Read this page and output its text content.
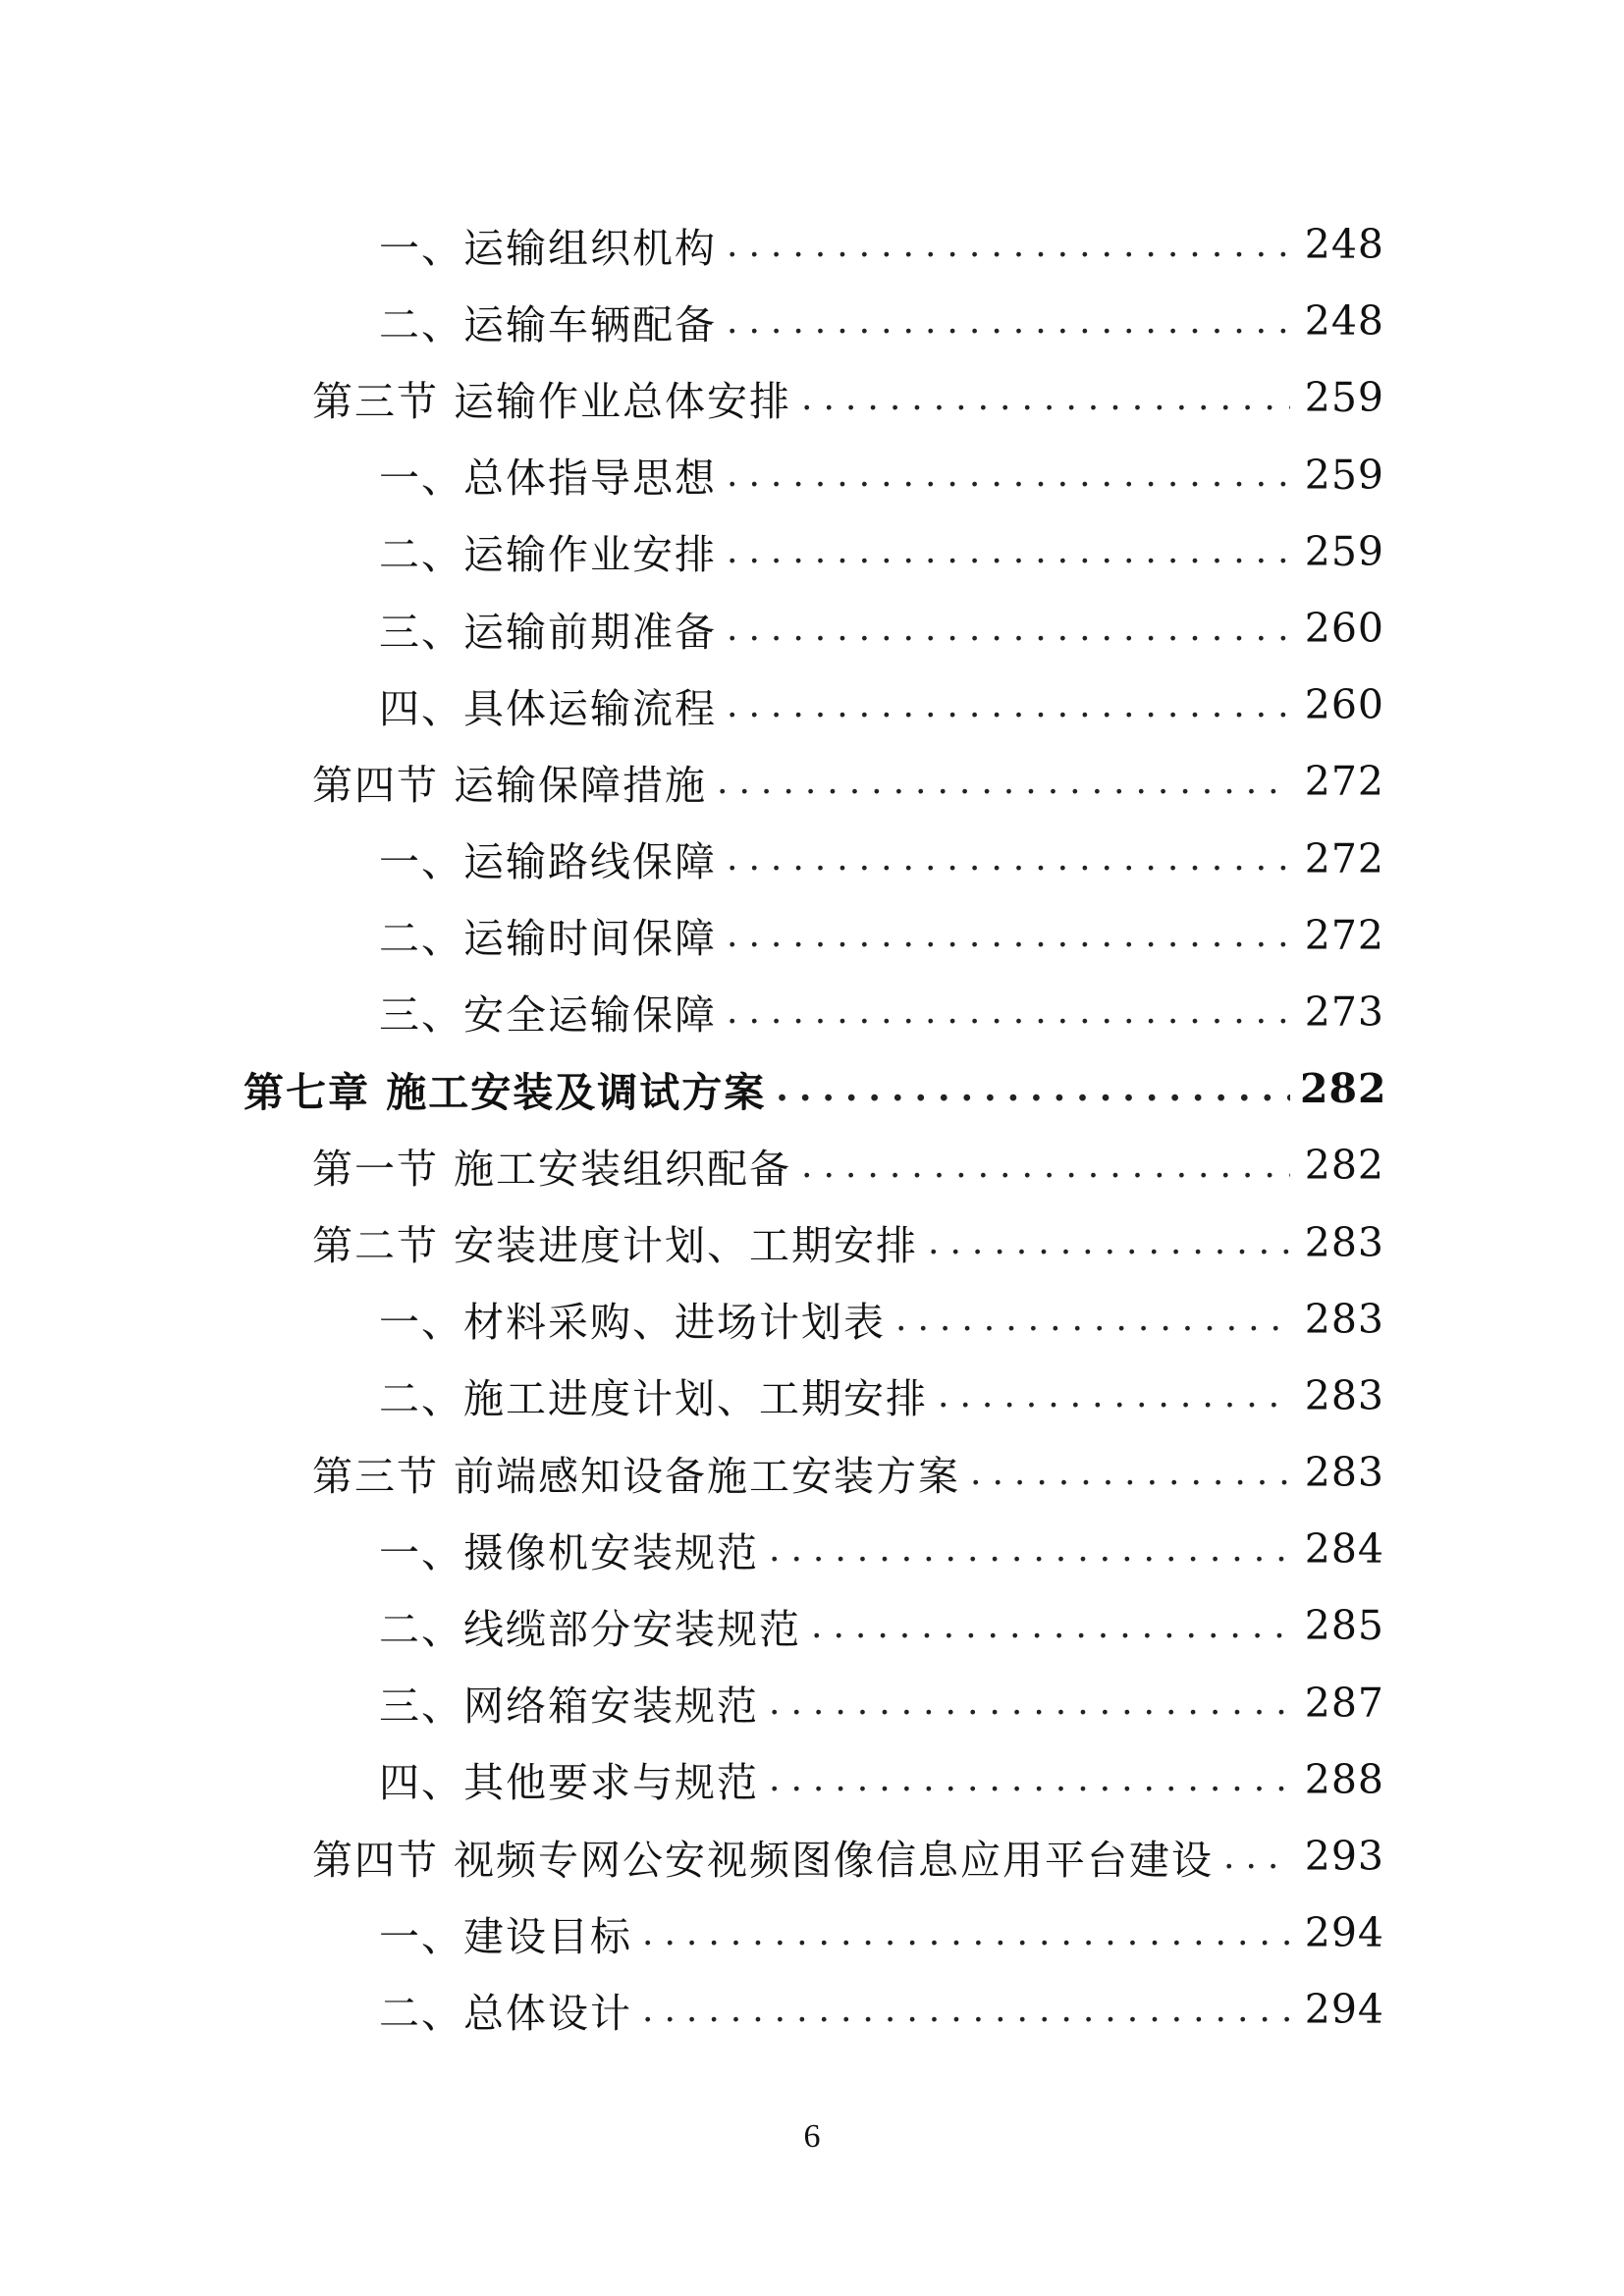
一、运输组织机构 .....	248
二、运输车辆配备 .....	248
第三节 运输作业总体安排 .....	259
一、总体指导思想 .....	259
二、运输作业安排 .....	259
三、运输前期准备 .....	260
四、具体运输流程 .....	260
第四节 运输保障措施 .....	272
一、运输路线保障 .....	272
二、运输时间保障 .....	272
三、安全运输保障 .....	273
第七章 施工安装及调试方案 .....	282
第一节 施工安装组织配备 .....	282
第二节 安装进度计划、工期安排 .....	283
一、材料采购、进场计划表 .....	283
二、施工进度计划、工期安排 .....	283
第三节 前端感知设备施工安装方案 .....	283
一、摄像机安装规范 .....	284
二、线缆部分安装规范 .....	285
三、网络箱安装规范 .....	287
四、其他要求与规范 .....	288
第四节 视频专网公安视频图像信息应用平台建设 ..... 293
一、建设目标 .....	294
二、总体设计 .....	294
6
